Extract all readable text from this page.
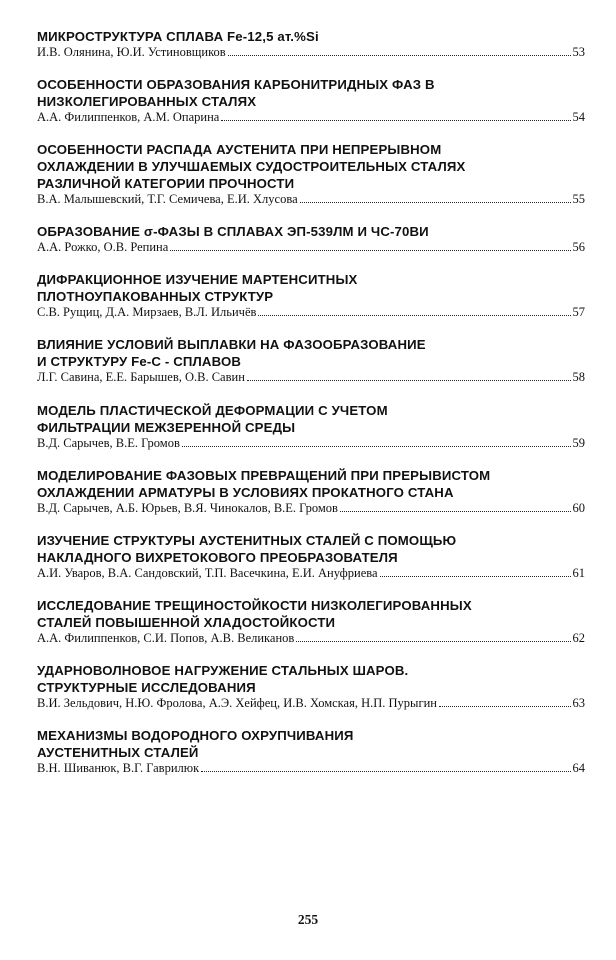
МИКРОСТРУКТУРА СПЛАВА Fe-12,5 ат.%Si
И.В. Олянина, Ю.И. Устиновщиков	53
ОСОБЕННОСТИ ОБРАЗОВАНИЯ КАРБОНИТРИДНЫХ ФАЗ В
НИЗКОЛЕГИРОВАННЫХ СТАЛЯХ
А.А. Филиппенков, А.М. Опарина	54
ОСОБЕННОСТИ РАСПАДА АУСТЕНИТА ПРИ НЕПРЕРЫВНОМ
ОХЛАЖДЕНИИ В УЛУЧШАЕМЫХ СУДОСТРОИТЕЛЬНЫХ СТАЛЯХ
РАЗЛИЧНОЙ КАТЕГОРИИ ПРОЧНОСТИ
В.А. Малышевский, Т.Г. Семичева, Е.И. Хлусова	55
ОБРАЗОВАНИЕ σ-ФАЗЫ В СПЛАВАХ ЭП-539ЛМ И ЧС-70ВИ
А.А. Рожко, О.В. Репина	56
ДИФРАКЦИОННОЕ ИЗУЧЕНИЕ МАРТЕНСИТНЫХ
ПЛОТНОУПАКОВАННЫХ СТРУКТУР
С.В. Рущиц, Д.А. Мирзаев, В.Л. Ильичёв	57
ВЛИЯНИЕ УСЛОВИЙ ВЫПЛАВКИ НА ФАЗООБРАЗОВАНИЕ
И СТРУКТУРУ Fe-C - СПЛАВОВ
Л.Г. Савина, Е.Е. Барышев, О.В. Савин	58
МОДЕЛЬ ПЛАСТИЧЕСКОЙ ДЕФОРМАЦИИ С УЧЕТОМ
ФИЛЬТРАЦИИ МЕЖЗЕРЕННОЙ СРЕДЫ
В.Д. Сарычев, В.Е. Громов	59
МОДЕЛИРОВАНИЕ ФАЗОВЫХ ПРЕВРАЩЕНИЙ ПРИ ПРЕРЫВИСТОМ
ОХЛАЖДЕНИИ АРМАТУРЫ В УСЛОВИЯХ ПРОКАТНОГО СТАНА
В.Д. Сарычев, А.Б. Юрьев, В.Я. Чинокалов, В.Е. Громов	60
ИЗУЧЕНИЕ СТРУКТУРЫ АУСТЕНИТНЫХ СТАЛЕЙ С ПОМОЩЬЮ
НАКЛАДНОГО ВИХРЕТОКОВОГО ПРЕОБРАЗОВАТЕЛЯ
А.И. Уваров, В.А. Сандовский, Т.П. Васечкина, Е.И. Ануфриева	61
ИССЛЕДОВАНИЕ ТРЕЩИНОСТОЙКОСТИ НИЗКОЛЕГИРОВАННЫХ
СТАЛЕЙ ПОВЫШЕННОЙ ХЛАДОСТОЙКОСТИ
А.А. Филиппенков, С.И. Попов, А.В. Великанов	62
УДАРНОВОЛНОВОЕ НАГРУЖЕНИЕ СТАЛЬНЫХ ШАРОВ.
СТРУКТУРНЫЕ ИССЛЕДОВАНИЯ
В.И. Зельдович, Н.Ю. Фролова, А.Э. Хейфец, И.В. Хомская, Н.П. Пурыгин	63
МЕХАНИЗМЫ ВОДОРОДНОГО ОХРУПЧИВАНИЯ
АУСТЕНИТНЫХ СТАЛЕЙ
В.Н. Шиванюк, В.Г. Гаврилюк	64
255
